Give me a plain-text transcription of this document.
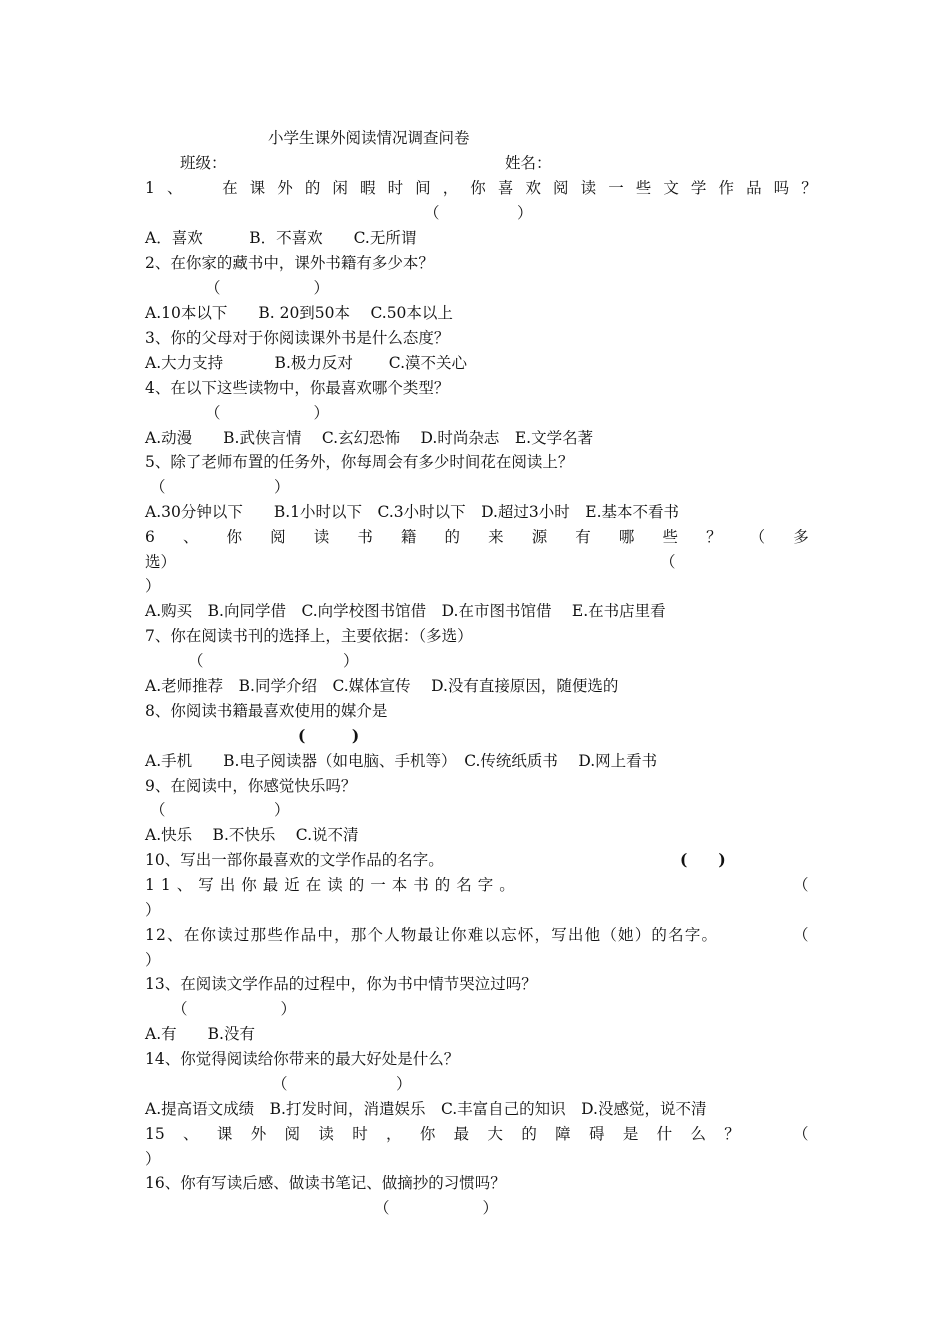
小学生课外阅读情况调查问卷
班级：	姓名：
1 、
　	在 课 外 的 闲 暇 时 间 ， 你 喜 欢 阅 读 一 些 文 学 作 品 吗 ？
（　　　　　）
A．喜欢　　　B．不喜欢　　C.无所谓
2、在你家的藏书中，课外书籍有多少本？
（　　　　　　）
A.10本以下　　B. 20到50本　 C.50本以上
3、你的父母对于你阅读课外书是什么态度？
A.大力支持　　　 B.极力反对　　 C.漠不关心
4、在以下这些读物中，你最喜欢哪个类型？
（　　　　　　）
A.动漫　　B.武侠言情　 C.玄幻恐怖　 D.时尚杂志　E.文学名著
5、除了老师布置的任务外，你每周会有多少时间花在阅读上？
（　　　　　　　）
A.30分钟以下　　B.1小时以下　C.3小时以下　D.超过3小时　E.基本不看书
6 、 你 阅 读 书 籍 的 来 源 有 哪 些 ？ （ 多
选）	（
）
A.购买　B.向同学借　C.向学校图书馆借　D.在市图书馆借　 E.在书店里看
7、你在阅读书刊的选择上，主要依据：（多选）
（　　　　　　　　　）
A.老师推荐　B.同学介绍　C.媒体宣传　 D.没有直接原因，随便选的
8、你阅读书籍最喜欢使用的媒介是
(　　　)
A.手机　　B.电子阅读器（如电脑、手机等）　C.传统纸质书　 D.网上看书
9、在阅读中，你感觉快乐吗？
（　　　　　　　）
A.快乐　 B.不快乐　 C.说不清
10、写出一部你最喜欢的文学作品的名字。	(　　)
11、写出你最近在读的一本书的名字。	（
）
12、在你读过那些作品中，那个人物最让你难以忘怀，写出他（她）的名字。	（
）
13、在阅读文学作品的过程中，你为书中情节哭泣过吗？
（　　　　　　）
A.有　　B.没有
14、你觉得阅读给你带来的最大好处是什么？
（　　　　　　　）
A.提高语文成绩　B.打发时间，消遣娱乐　C.丰富自己的知识　D.没感觉，说不清
15 、 课 外 阅 读 时 ， 你 最 大 的 障 碍 是 什 么 ？	（
）
16、你有写读后感、做读书笔记、做摘抄的习惯吗？
（　　　　　　）
